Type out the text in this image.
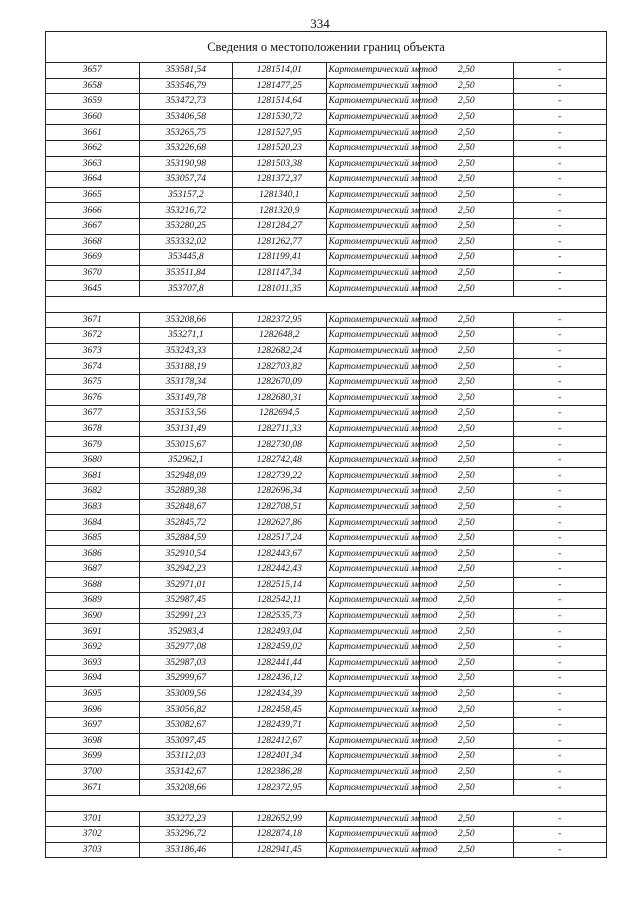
334
Сведения о местоположении границ объекта					
3657	353581,54	1281514,01	Картометрический метод	2,50	-
3658	353546,79	1281477,25	Картометрический метод	2,50	-
3659	353472,73	1281514,64	Картометрический метод	2,50	-
3660	353406,58	1281530,72	Картометрический метод	2,50	-
3661	353265,75	1281527,95	Картометрический метод	2,50	-
3662	353226,68	1281520,23	Картометрический метод	2,50	-
3663	353190,98	1281503,38	Картометрический метод	2,50	-
3664	353057,74	1281372,37	Картометрический метод	2,50	-
3665	353157,2	1281340,1	Картометрический метод	2,50	-
3666	353216,72	1281320,9	Картометрический метод	2,50	-
3667	353280,25	1281284,27	Картометрический метод	2,50	-
3668	353332,02	1281262,77	Картометрический метод	2,50	-
3669	353445,8	1281199,41	Картометрический метод	2,50	-
3670	353511,84	1281147,34	Картометрический метод	2,50	-
3645	353707,8	1281011,35	Картометрический метод	2,50	-

3671	353208,66	1282372,95	Картометрический метод	2,50	-
3672	353271,1	1282648,2	Картометрический метод	2,50	-
3673	353243,33	1282682,24	Картометрический метод	2,50	-
3674	353188,19	1282703,82	Картометрический метод	2,50	-
3675	353178,34	1282670,09	Картометрический метод	2,50	-
3676	353149,78	1282680,31	Картометрический метод	2,50	-
3677	353153,56	1282694,5	Картометрический метод	2,50	-
3678	353131,49	1282711,33	Картометрический метод	2,50	-
3679	353015,67	1282730,08	Картометрический метод	2,50	-
3680	352962,1	1282742,48	Картометрический метод	2,50	-
3681	352948,09	1282739,22	Картометрический метод	2,50	-
3682	352889,38	1282696,34	Картометрический метод	2,50	-
3683	352848,67	1282708,51	Картометрический метод	2,50	-
3684	352845,72	1282627,86	Картометрический метод	2,50	-
3685	352884,59	1282517,24	Картометрический метод	2,50	-
3686	352910,54	1282443,67	Картометрический метод	2,50	-
3687	352942,23	1282442,43	Картометрический метод	2,50	-
3688	352971,01	1282515,14	Картометрический метод	2,50	-
3689	352987,45	1282542,11	Картометрический метод	2,50	-
3690	352991,23	1282535,73	Картометрический метод	2,50	-
3691	352983,4	1282493,04	Картометрический метод	2,50	-
3692	352977,08	1282459,02	Картометрический метод	2,50	-
3693	352987,03	1282441,44	Картометрический метод	2,50	-
3694	352999,67	1282436,12	Картометрический метод	2,50	-
3695	353009,56	1282434,39	Картометрический метод	2,50	-
3696	353056,82	1282458,45	Картометрический метод	2,50	-
3697	353082,67	1282439,71	Картометрический метод	2,50	-
3698	353097,45	1282412,67	Картометрический метод	2,50	-
3699	353112,03	1282401,34	Картометрический метод	2,50	-
3700	353142,67	1282386,28	Картометрический метод	2,50	-
3671	353208,66	1282372,95	Картометрический метод	2,50	-

3701	353272,23	1282652,99	Картометрический метод	2,50	-
3702	353296,72	1282874,18	Картометрический метод	2,50	-
3703	353186,46	1282941,45	Картометрический метод	2,50	-
